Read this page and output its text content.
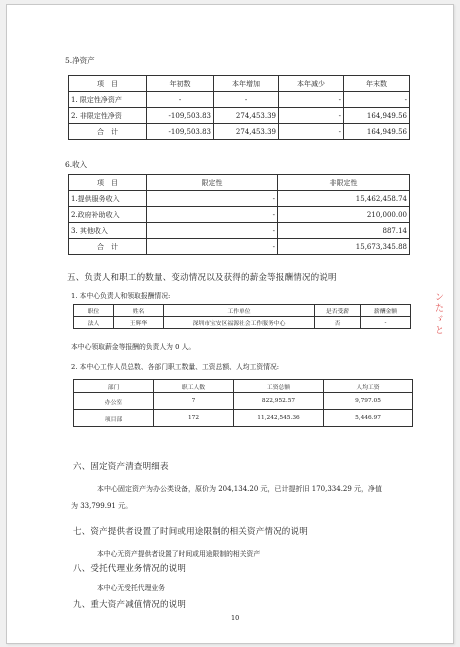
5.净资产
项　目	年初数	本年增加	本年减少	年末数
1. 限定性净资产	-	-	-	-
2. 非限定性净资	-109,503.83	274,453.39	-	164,949.56
合　计	-109,503.83	274,453.39	-	164,949.56
6.收入
项　目	限定性	非限定性
1.提供服务收入	-	15,462,458.74
2.政府补助收入	-	210,000.00
3. 其他收入	-	887.14
合　计	-	15,673,345.88
五、负责人和职工的数量、变动情况以及获得的薪金等报酬情况的说明
1. 本中心负责人和领取报酬情况:
职位	姓名	工作单位	是否受薪	薪酬金额
法人	王辉华	深圳市宝安区福源社会工作服务中心	否	-
本中心领取薪金等报酬的负责人为 0 人。
2. 本中心工作人员总数、各部门职工数量、工资总额、人均工资情况:
部门	职工人数	工资总额	人均工资
办公室	7	822,952.57	9,797.05
项目部	172	11,242,545.36	5,446.97
六、固定资产清查明细表
本中心固定资产为办公类设备，原价为 204,134.20 元，已计提折旧 170,334.29 元，净值
为 33,799.91 元。
七、资产提供者设置了时间或用途限制的相关资产情况的说明
本中心无资产提供者设置了时间或用途限制的相关资产
八、受托代理业务情况的说明
本中心无受托代理业务
九、重大资产减值情况的说明
10
ン
た
ゞ
と
